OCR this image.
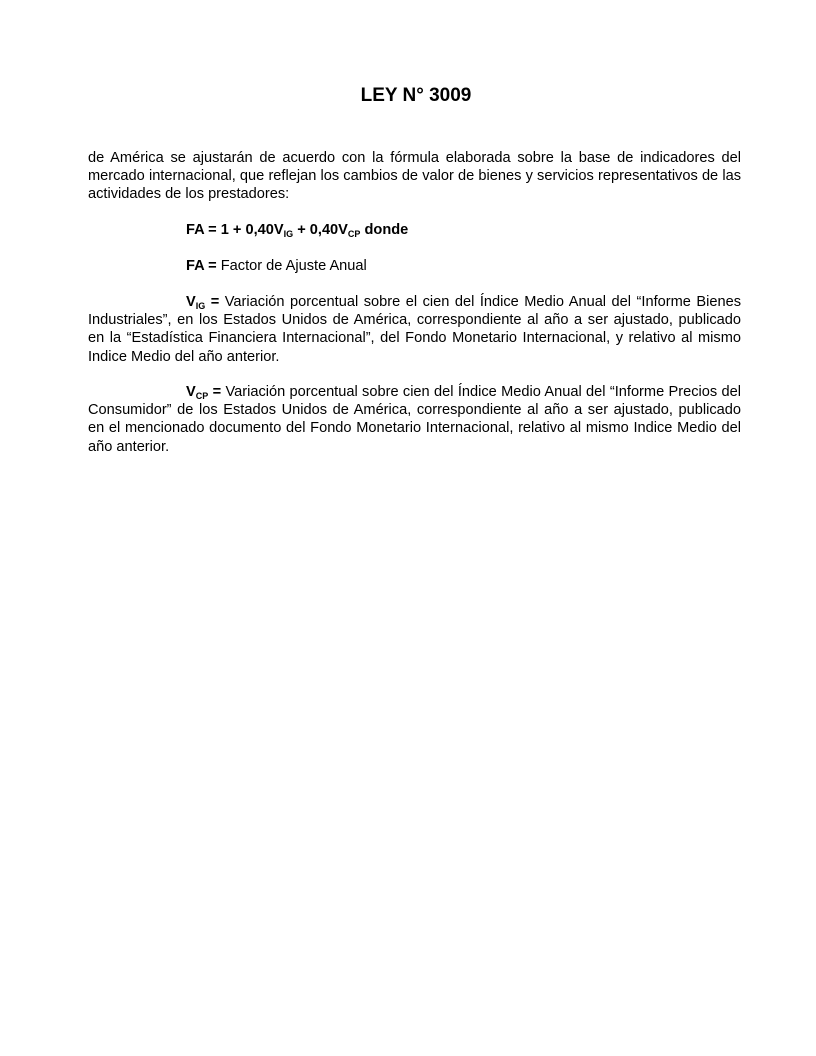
LEY N° 3009

de América se ajustarán de acuerdo con la fórmula elaborada sobre la base de indicadores del mercado internacional, que reflejan los cambios de valor de bienes y servicios representativos de las actividades de los prestadores:

FA = $1 + 0,40V_{IG} + 0,40V_{CP}$ donde

FA = Factor de Ajuste Anual

$V_{IG}$ = Variación porcentual sobre el cien del Índice Medio Anual del “Informe Bienes Industriales”, en los Estados Unidos de América, correspondiente al año a ser ajustado, publicado en la “Estadística Financiera Internacional”, del Fondo Monetario Internacional, y relativo al mismo Indice Medio del año anterior.

$V_{CP}$ = Variación porcentual sobre cien del Índice Medio Anual del “Informe Precios del Consumidor” de los Estados Unidos de América, correspondiente al año a ser ajustado, publicado en el mencionado documento del Fondo Monetario Internacional, relativo al mismo Indice Medio del año anterior.
